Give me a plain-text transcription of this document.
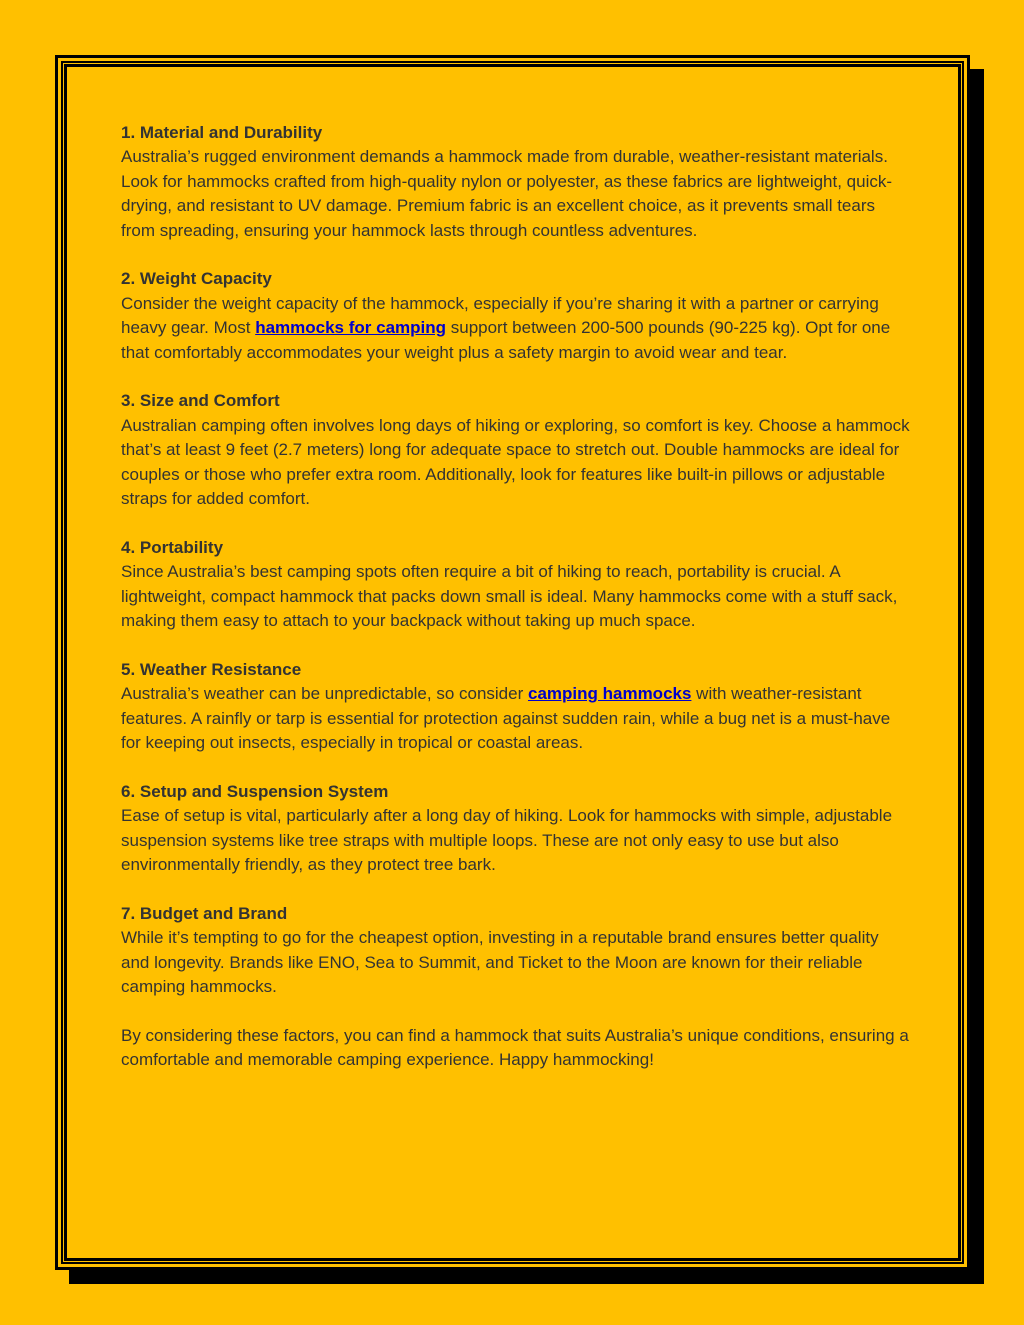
1. Material and Durability

Australia’s rugged environment demands a hammock made from durable, weather-resistant materials. Look for hammocks crafted from high-quality nylon or polyester, as these fabrics are lightweight, quick-drying, and resistant to UV damage. Premium fabric is an excellent choice, as it prevents small tears from spreading, ensuring your hammock lasts through countless adventures.

2. Weight Capacity

Consider the weight capacity of the hammock, especially if you’re sharing it with a partner or carrying heavy gear. Most hammocks for camping support between 200-500 pounds (90-225 kg). Opt for one that comfortably accommodates your weight plus a safety margin to avoid wear and tear.

3. Size and Comfort

Australian camping often involves long days of hiking or exploring, so comfort is key. Choose a hammock that’s at least 9 feet (2.7 meters) long for adequate space to stretch out. Double hammocks are ideal for couples or those who prefer extra room. Additionally, look for features like built-in pillows or adjustable straps for added comfort.

4. Portability

Since Australia’s best camping spots often require a bit of hiking to reach, portability is crucial. A lightweight, compact hammock that packs down small is ideal. Many hammocks come with a stuff sack, making them easy to attach to your backpack without taking up much space.

5. Weather Resistance

Australia’s weather can be unpredictable, so consider camping hammocks with weather-resistant features. A rainfly or tarp is essential for protection against sudden rain, while a bug net is a must-have for keeping out insects, especially in tropical or coastal areas.

6. Setup and Suspension System

Ease of setup is vital, particularly after a long day of hiking. Look for hammocks with simple, adjustable suspension systems like tree straps with multiple loops. These are not only easy to use but also environmentally friendly, as they protect tree bark.

7. Budget and Brand

While it’s tempting to go for the cheapest option, investing in a reputable brand ensures better quality and longevity. Brands like ENO, Sea to Summit, and Ticket to the Moon are known for their reliable camping hammocks.

By considering these factors, you can find a hammock that suits Australia’s unique conditions, ensuring a comfortable and memorable camping experience. Happy hammocking!
